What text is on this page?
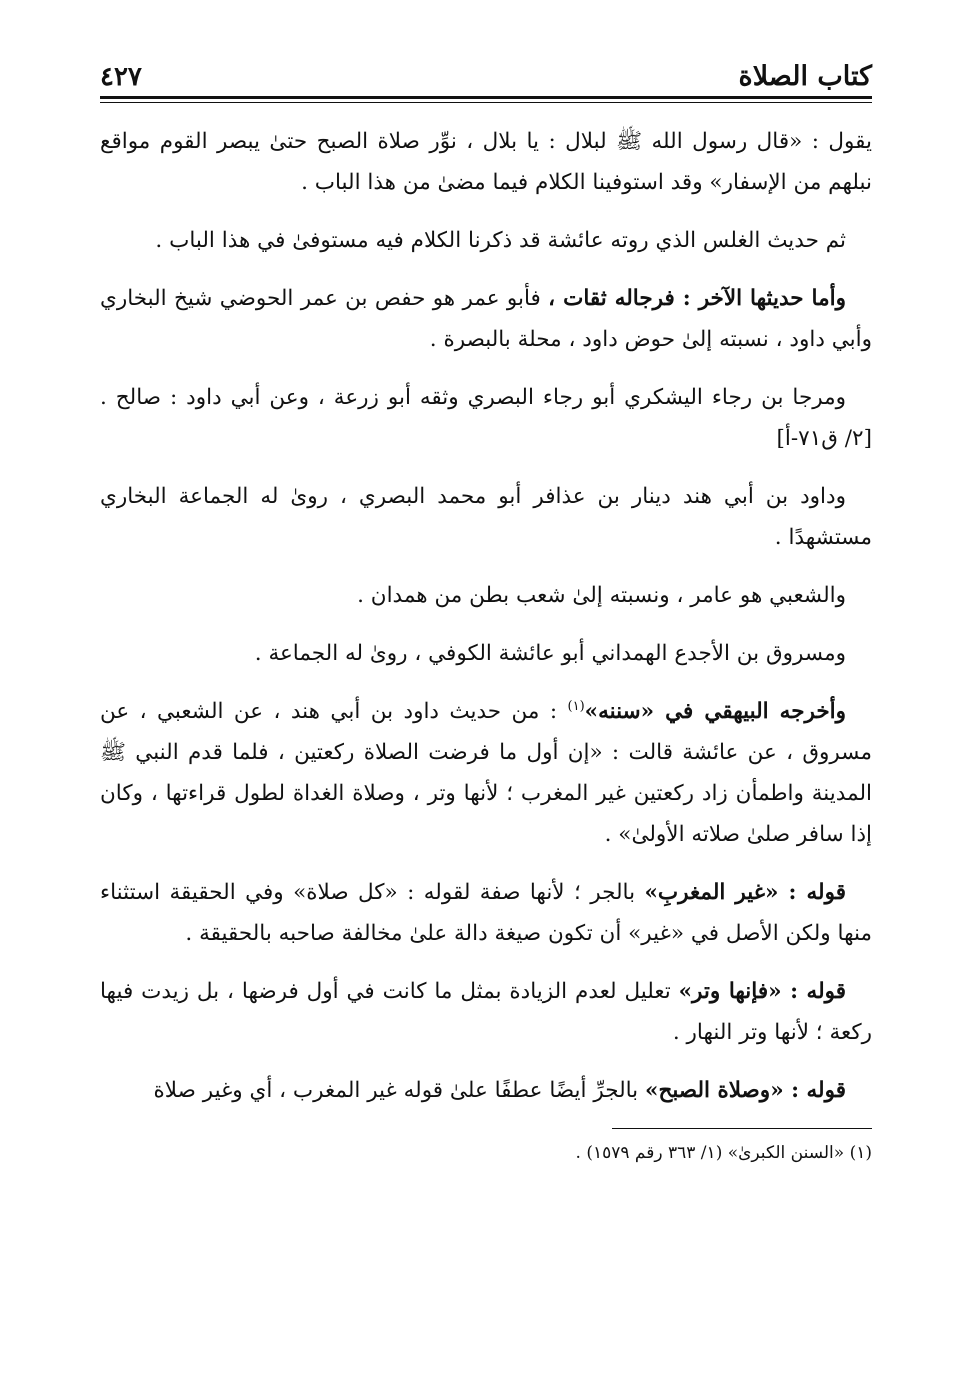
كتاب الصلاة
٤٢٧

يقول : «قال رسول الله ﷺ لبلال : يا بلال ، نوِّر صلاة الصبح حتىٰ يبصر القوم مواقع نبلهم من الإسفار» وقد استوفينا الكلام فيما مضىٰ من هذا الباب .

ثم حديث الغلس الذي روته عائشة قد ذكرنا الكلام فيه مستوفىٰ في هذا الباب .

وأما حديثها الآخر : فرجاله ثقات ، فأبو عمر هو حفص بن عمر الحوضي شيخ البخاري وأبي داود ، نسبته إلىٰ حوض داود ، محلة بالبصرة .

ومرجا بن رجاء اليشكري أبو رجاء البصري وثقه أبو زرعة ، وعن أبي داود : صالح . [٢/ ق٧١-أ]

وداود بن أبي هند دينار بن عذافر أبو محمد البصري ، روىٰ له الجماعة البخاري مستشهدًا .

والشعبي هو عامر ، ونسبته إلىٰ شعب بطن من همدان .

ومسروق بن الأجدع الهمداني أبو عائشة الكوفي ، روىٰ له الجماعة .

وأخرجه البيهقي في «سننه»$^{(١)}$ : من حديث داود بن أبي هند ، عن الشعبي ، عن مسروق ، عن عائشة قالت : «إن أول ما فرضت الصلاة ركعتين ، فلما قدم النبي ﷺ المدينة واطمأن زاد ركعتين غير المغرب ؛ لأنها وتر ، وصلاة الغداة لطول قراءتها ، وكان إذا سافر صلىٰ صلاته الأولىٰ» .

قوله : «غير المغربِ» بالجر ؛ لأنها صفة لقوله : «كل صلاة» وفي الحقيقة استثناء منها ولكن الأصل في «غير» أن تكون صيغة دالة علىٰ مخالفة صاحبه بالحقيقة .

قوله : «فإنها وتر» تعليل لعدم الزيادة بمثل ما كانت في أول فرضها ، بل زيدت فيها ركعة ؛ لأنها وتر النهار .

قوله : «وصلاة الصبح» بالجرِّ أيضًا عطفًا علىٰ قوله غير المغرب ، أي وغير صلاة

(١) «السنن الكبرىٰ» (١/ ٣٦٣ رقم ١٥٧٩) .
